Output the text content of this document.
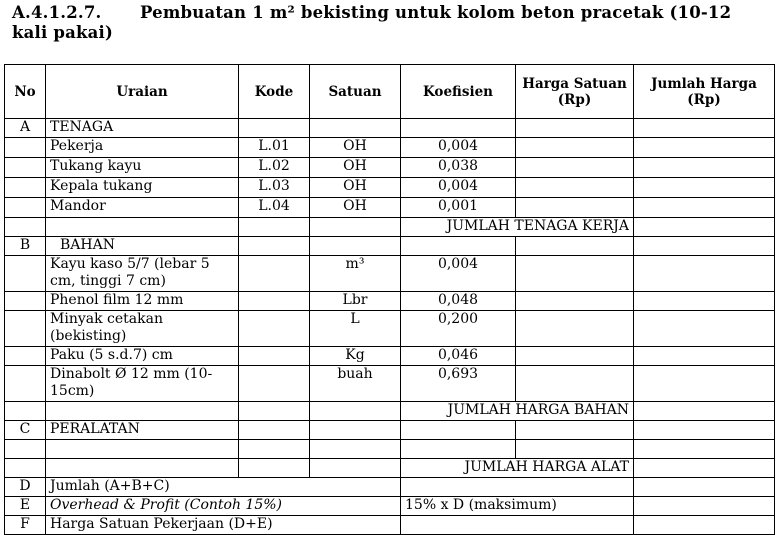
A.4.1.2.7. Pembuatan 1 m² bekisting untuk kolom beton pracetak (10-12 kali pakai)
No	Uraian	Kode	Satuan	Koefisien	Harga Satuan (Rp)	Jumlah Harga (Rp)
A	TENAGA					
	Pekerja	L.01	OH	0,004		
	Tukang kayu	L.02	OH	0,038		
	Kepala tukang	L.03	OH	0,004		
	Mandor	L.04	OH	0,001		
				JUMLAH TENAGA KERJA		
B	BAHAN					
	Kayu kaso 5/7 (lebar 5 cm, tinggi 7 cm)		m³	0,004		
	Phenol film 12 mm		Lbr	0,048		
	Minyak cetakan (bekisting)		L	0,200		
	Paku (5 s.d.7) cm		Kg	0,046		
	Dinabolt Ø 12 mm (10-15cm)		buah	0,693		
				JUMLAH HARGA BAHAN		
C	PERALATAN					

				JUMLAH HARGA ALAT		
D	Jumlah (A+B+C)					
E	Overhead & Profit (Contoh 15%)			15% x D (maksimum)		
F	Harga Satuan Pekerjaan (D+E)					
